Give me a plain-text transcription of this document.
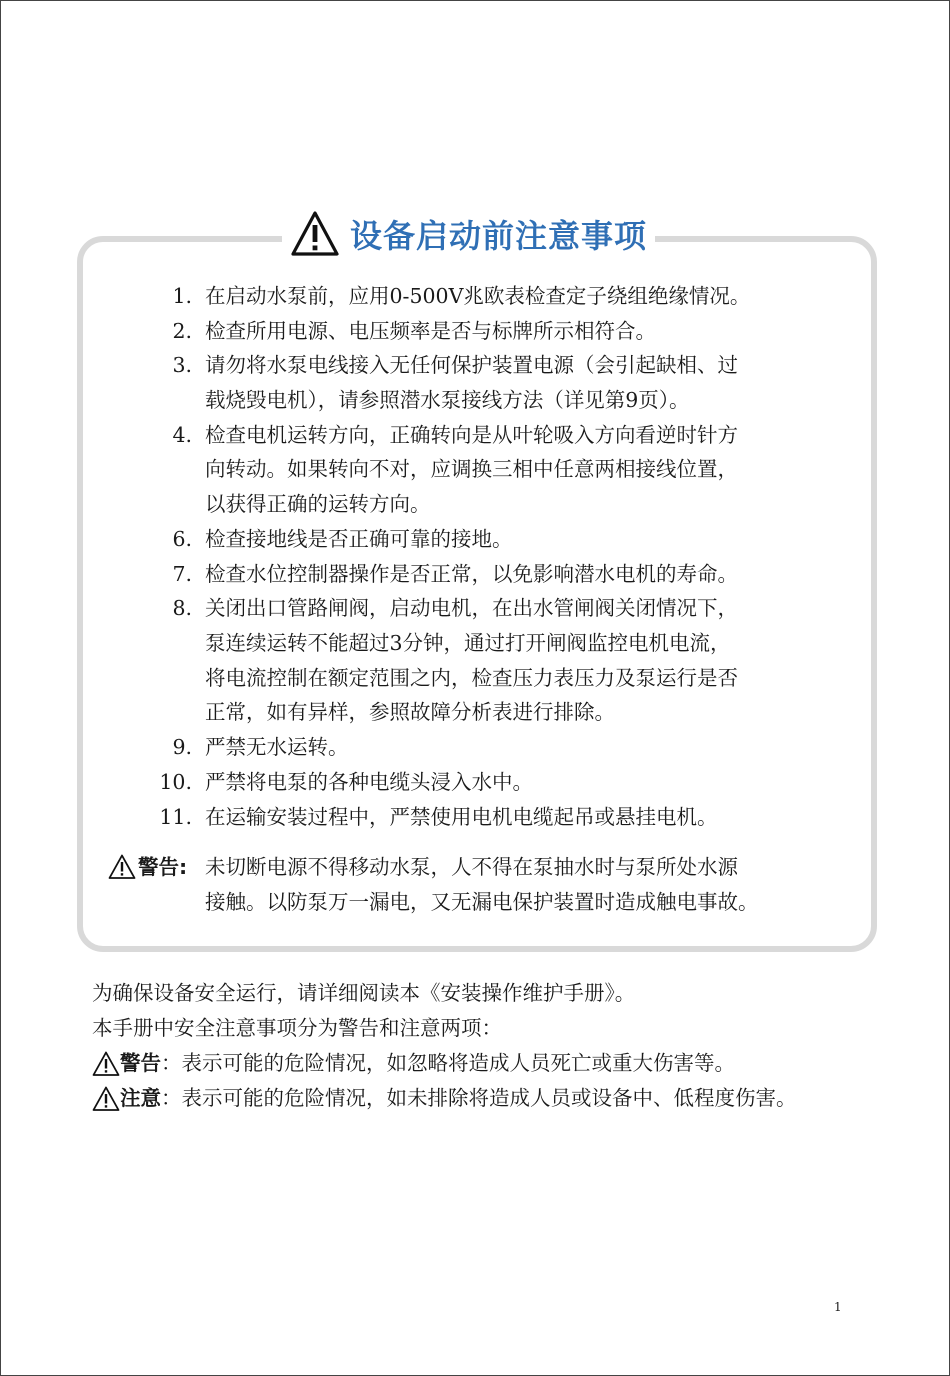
设备启动前注意事项
1. 在启动水泵前，应用0-500V兆欧表检查定子绕组绝缘情况。
2. 检查所用电源、电压频率是否与标牌所示相符合。
3. 请勿将水泵电线接入无任何保护装置电源（会引起缺相、过
载烧毁电机），请参照潜水泵接线方法（详见第9页）。
4. 检查电机运转方向，正确转向是从叶轮吸入方向看逆时针方
向转动。如果转向不对，应调换三相中任意两相接线位置，
以获得正确的运转方向。
6. 检查接地线是否正确可靠的接地。
7. 检查水位控制器操作是否正常，以免影响潜水电机的寿命。
8. 关闭出口管路闸阀，启动电机，在出水管闸阀关闭情况下，
泵连续运转不能超过3分钟，通过打开闸阀监控电机电流，
将电流控制在额定范围之内，检查压力表压力及泵运行是否
正常，如有异样，参照故障分析表进行排除。
9. 严禁无水运转。
10. 严禁将电泵的各种电缆头浸入水中。
11. 在运输安装过程中，严禁使用电机电缆起吊或悬挂电机。
警告: 未切断电源不得移动水泵，人不得在泵抽水时与泵所处水源
接触。以防泵万一漏电，又无漏电保护装置时造成触电事故。
为确保设备安全运行，请详细阅读本《安装操作维护手册》。
本手册中安全注意事项分为警告和注意两项：
警告 ：表示可能的危险情况，如忽略将造成人员死亡或重大伤害等。
注意 ：表示可能的危险情况，如未排除将造成人员或设备中、低程度伤害。
1
